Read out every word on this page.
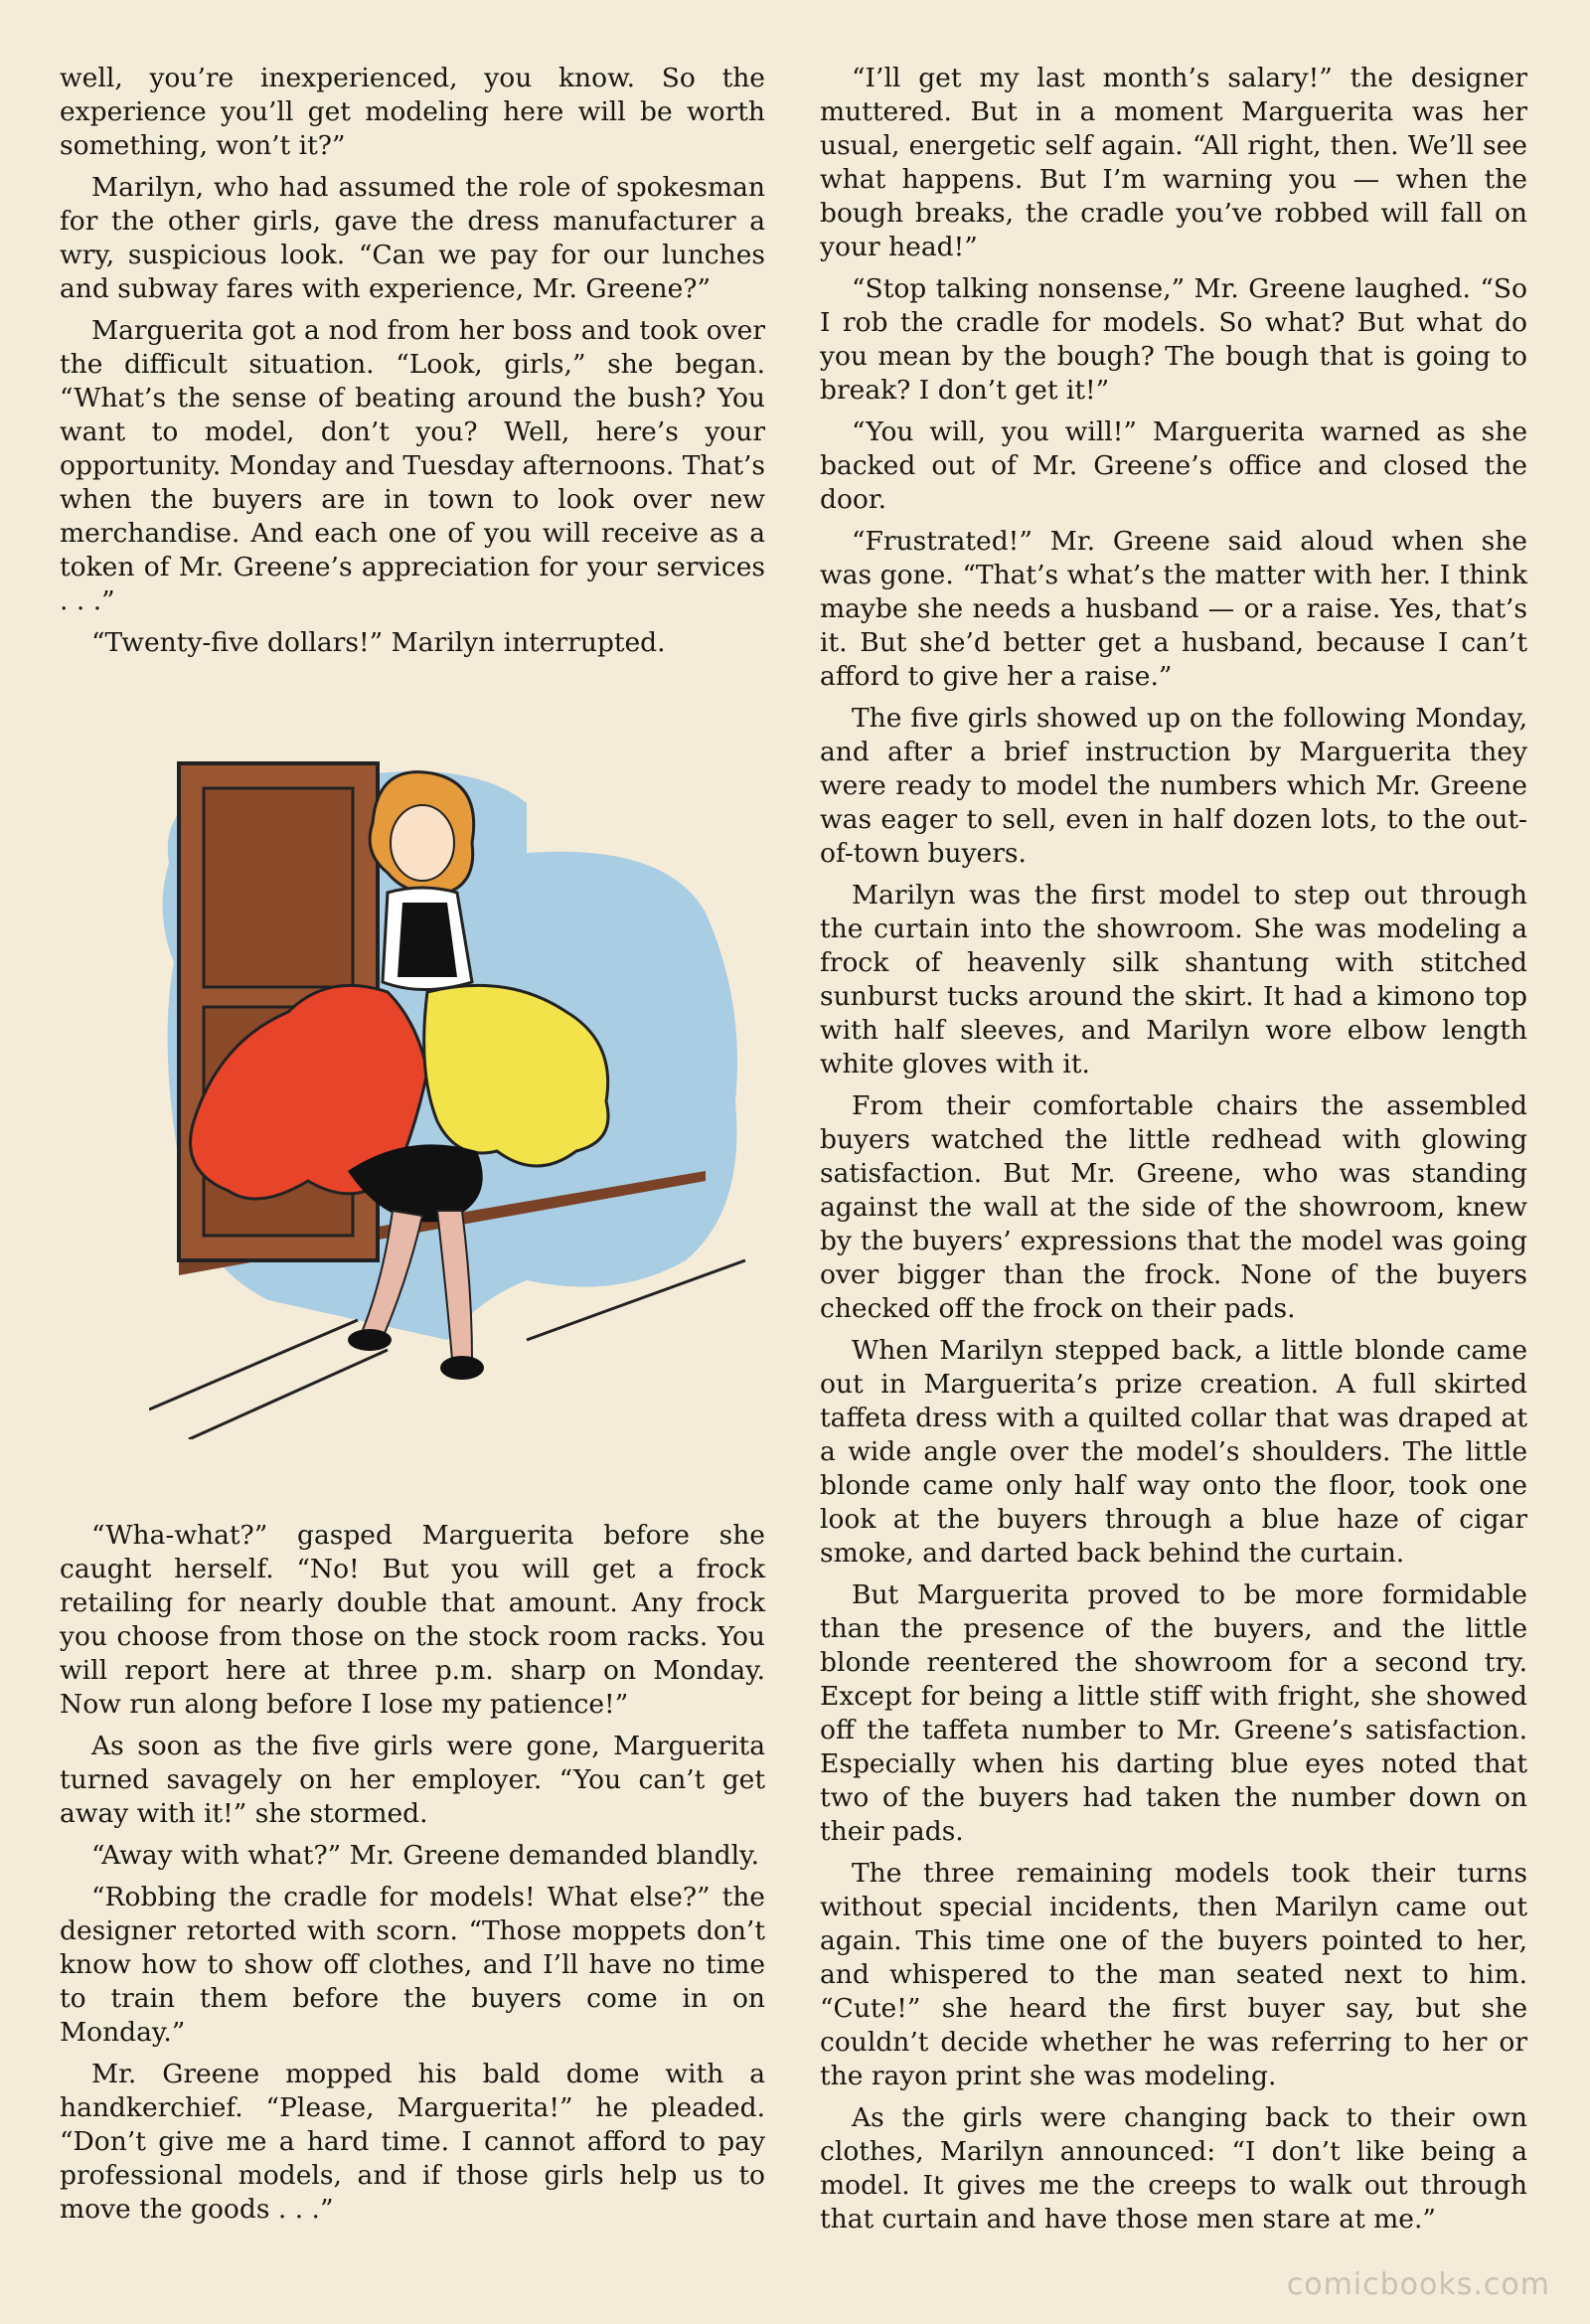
well, you’re inexperienced, you know. So the experience you’ll get modeling here will be worth something, won’t it?”

Marilyn, who had assumed the role of spokesman for the other girls, gave the dress manufacturer a wry, suspicious look. “Can we pay for our lunches and subway fares with experience, Mr. Greene?”

Marguerita got a nod from her boss and took over the difficult situation. “Look, girls,” she began. “What’s the sense of beating around the bush? You want to model, don’t you? Well, here’s your opportunity. Monday and Tuesday afternoons. That’s when the buyers are in town to look over new merchandise. And each one of you will receive as a token of Mr. Greene’s appreciation for your services . . .”

“Twenty-five dollars!” Marilyn interrupted.

“Wha-what?” gasped Marguerita before she caught herself. “No! But you will get a frock retailing for nearly double that amount. Any frock you choose from those on the stock room racks. You will report here at three p.m. sharp on Monday. Now run along before I lose my patience!”

As soon as the five girls were gone, Marguerita turned savagely on her employer. “You can’t get away with it!” she stormed.

“Away with what?” Mr. Greene demanded blandly.

“Robbing the cradle for models! What else?” the designer retorted with scorn. “Those moppets don’t know how to show off clothes, and I’ll have no time to train them before the buyers come in on Monday.”

Mr. Greene mopped his bald dome with a handkerchief. “Please, Marguerita!” he pleaded. “Don’t give me a hard time. I cannot afford to pay professional models, and if those girls help us to move the goods . . .”

“I’ll get my last month’s salary!” the designer muttered. But in a moment Marguerita was her usual, energetic self again. “All right, then. We’ll see what happens. But I’m warning you — when the bough breaks, the cradle you’ve robbed will fall on your head!”

“Stop talking nonsense,” Mr. Greene laughed. “So I rob the cradle for models. So what? But what do you mean by the bough? The bough that is going to break? I don’t get it!”

“You will, you will!” Marguerita warned as she backed out of Mr. Greene’s office and closed the door.

“Frustrated!” Mr. Greene said aloud when she was gone. “That’s what’s the matter with her. I think maybe she needs a husband — or a raise. Yes, that’s it. But she’d better get a husband, because I can’t afford to give her a raise.”

The five girls showed up on the following Monday, and after a brief instruction by Marguerita they were ready to model the numbers which Mr. Greene was eager to sell, even in half dozen lots, to the out-of-town buyers.

Marilyn was the first model to step out through the curtain into the showroom. She was modeling a frock of heavenly silk shantung with stitched sunburst tucks around the skirt. It had a kimono top with half sleeves, and Marilyn wore elbow length white gloves with it.

From their comfortable chairs the assembled buyers watched the little redhead with glowing satisfaction. But Mr. Greene, who was standing against the wall at the side of the showroom, knew by the buyers’ expressions that the model was going over bigger than the frock. None of the buyers checked off the frock on their pads.

When Marilyn stepped back, a little blonde came out in Marguerita’s prize creation. A full skirted taffeta dress with a quilted collar that was draped at a wide angle over the model’s shoulders. The little blonde came only half way onto the floor, took one look at the buyers through a blue haze of cigar smoke, and darted back behind the curtain.

But Marguerita proved to be more formidable than the presence of the buyers, and the little blonde reentered the showroom for a second try. Except for being a little stiff with fright, she showed off the taffeta number to Mr. Greene’s satisfaction. Especially when his darting blue eyes noted that two of the buyers had taken the number down on their pads.

The three remaining models took their turns without special incidents, then Marilyn came out again. This time one of the buyers pointed to her, and whispered to the man seated next to him. “Cute!” she heard the first buyer say, but she couldn’t decide whether he was referring to her or the rayon print she was modeling.

As the girls were changing back to their own clothes, Marilyn announced: “I don’t like being a model. It gives me the creeps to walk out through that curtain and have those men stare at me.”

comicbooks.com
